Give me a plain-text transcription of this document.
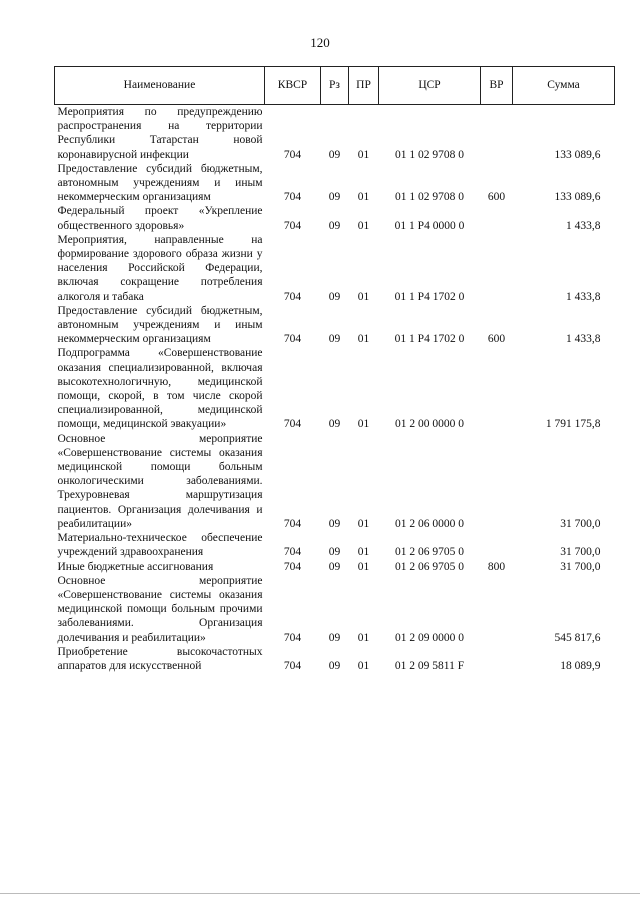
120
Наименование	КВСР	Рз	ПР	ЦСР	ВР	Сумма
Мероприятия по предупреждению распространения на территории Республики Татарстан новой коронавирусной инфекции	704	09	01	01 1 02 9708 0		133 089,6
Предоставление субсидий бюджетным, автономным учреждениям и иным некоммерческим организациям	704	09	01	01 1 02 9708 0	600	133 089,6
Федеральный проект «Укрепление общественного здоровья»	704	09	01	01 1 P4 0000 0		1 433,8
Мероприятия, направленные на формирование здорового образа жизни у населения Российской Федерации, включая сокращение потребления алкоголя и табака	704	09	01	01 1 P4 1702 0		1 433,8
Предоставление субсидий бюджетным, автономным учреждениям и иным некоммерческим организациям	704	09	01	01 1 P4 1702 0	600	1 433,8
Подпрограмма «Совершенствование оказания специализированной, включая высокотехнологичную, медицинской помощи, скорой, в том числе скорой специализированной, медицинской помощи, медицинской эвакуации»	704	09	01	01 2 00 0000 0		1 791 175,8
Основное мероприятие «Совершенствование системы оказания медицинской помощи больным онкологическими заболеваниями. Трехуровневая маршрутизация пациентов. Организация долечивания и реабилитации»	704	09	01	01 2 06 0000 0		31 700,0
Материально-техническое обеспечение учреждений здравоохранения	704	09	01	01 2 06 9705 0		31 700,0
Иные бюджетные ассигнования	704	09	01	01 2 06 9705 0	800	31 700,0
Основное мероприятие «Совершенствование системы оказания медицинской помощи больным прочими заболеваниями. Организация долечивания и реабилитации»	704	09	01	01 2 09 0000 0		545 817,6
Приобретение высокочастотных аппаратов для искусственной	704	09	01	01 2 09 5811 F		18 089,9
